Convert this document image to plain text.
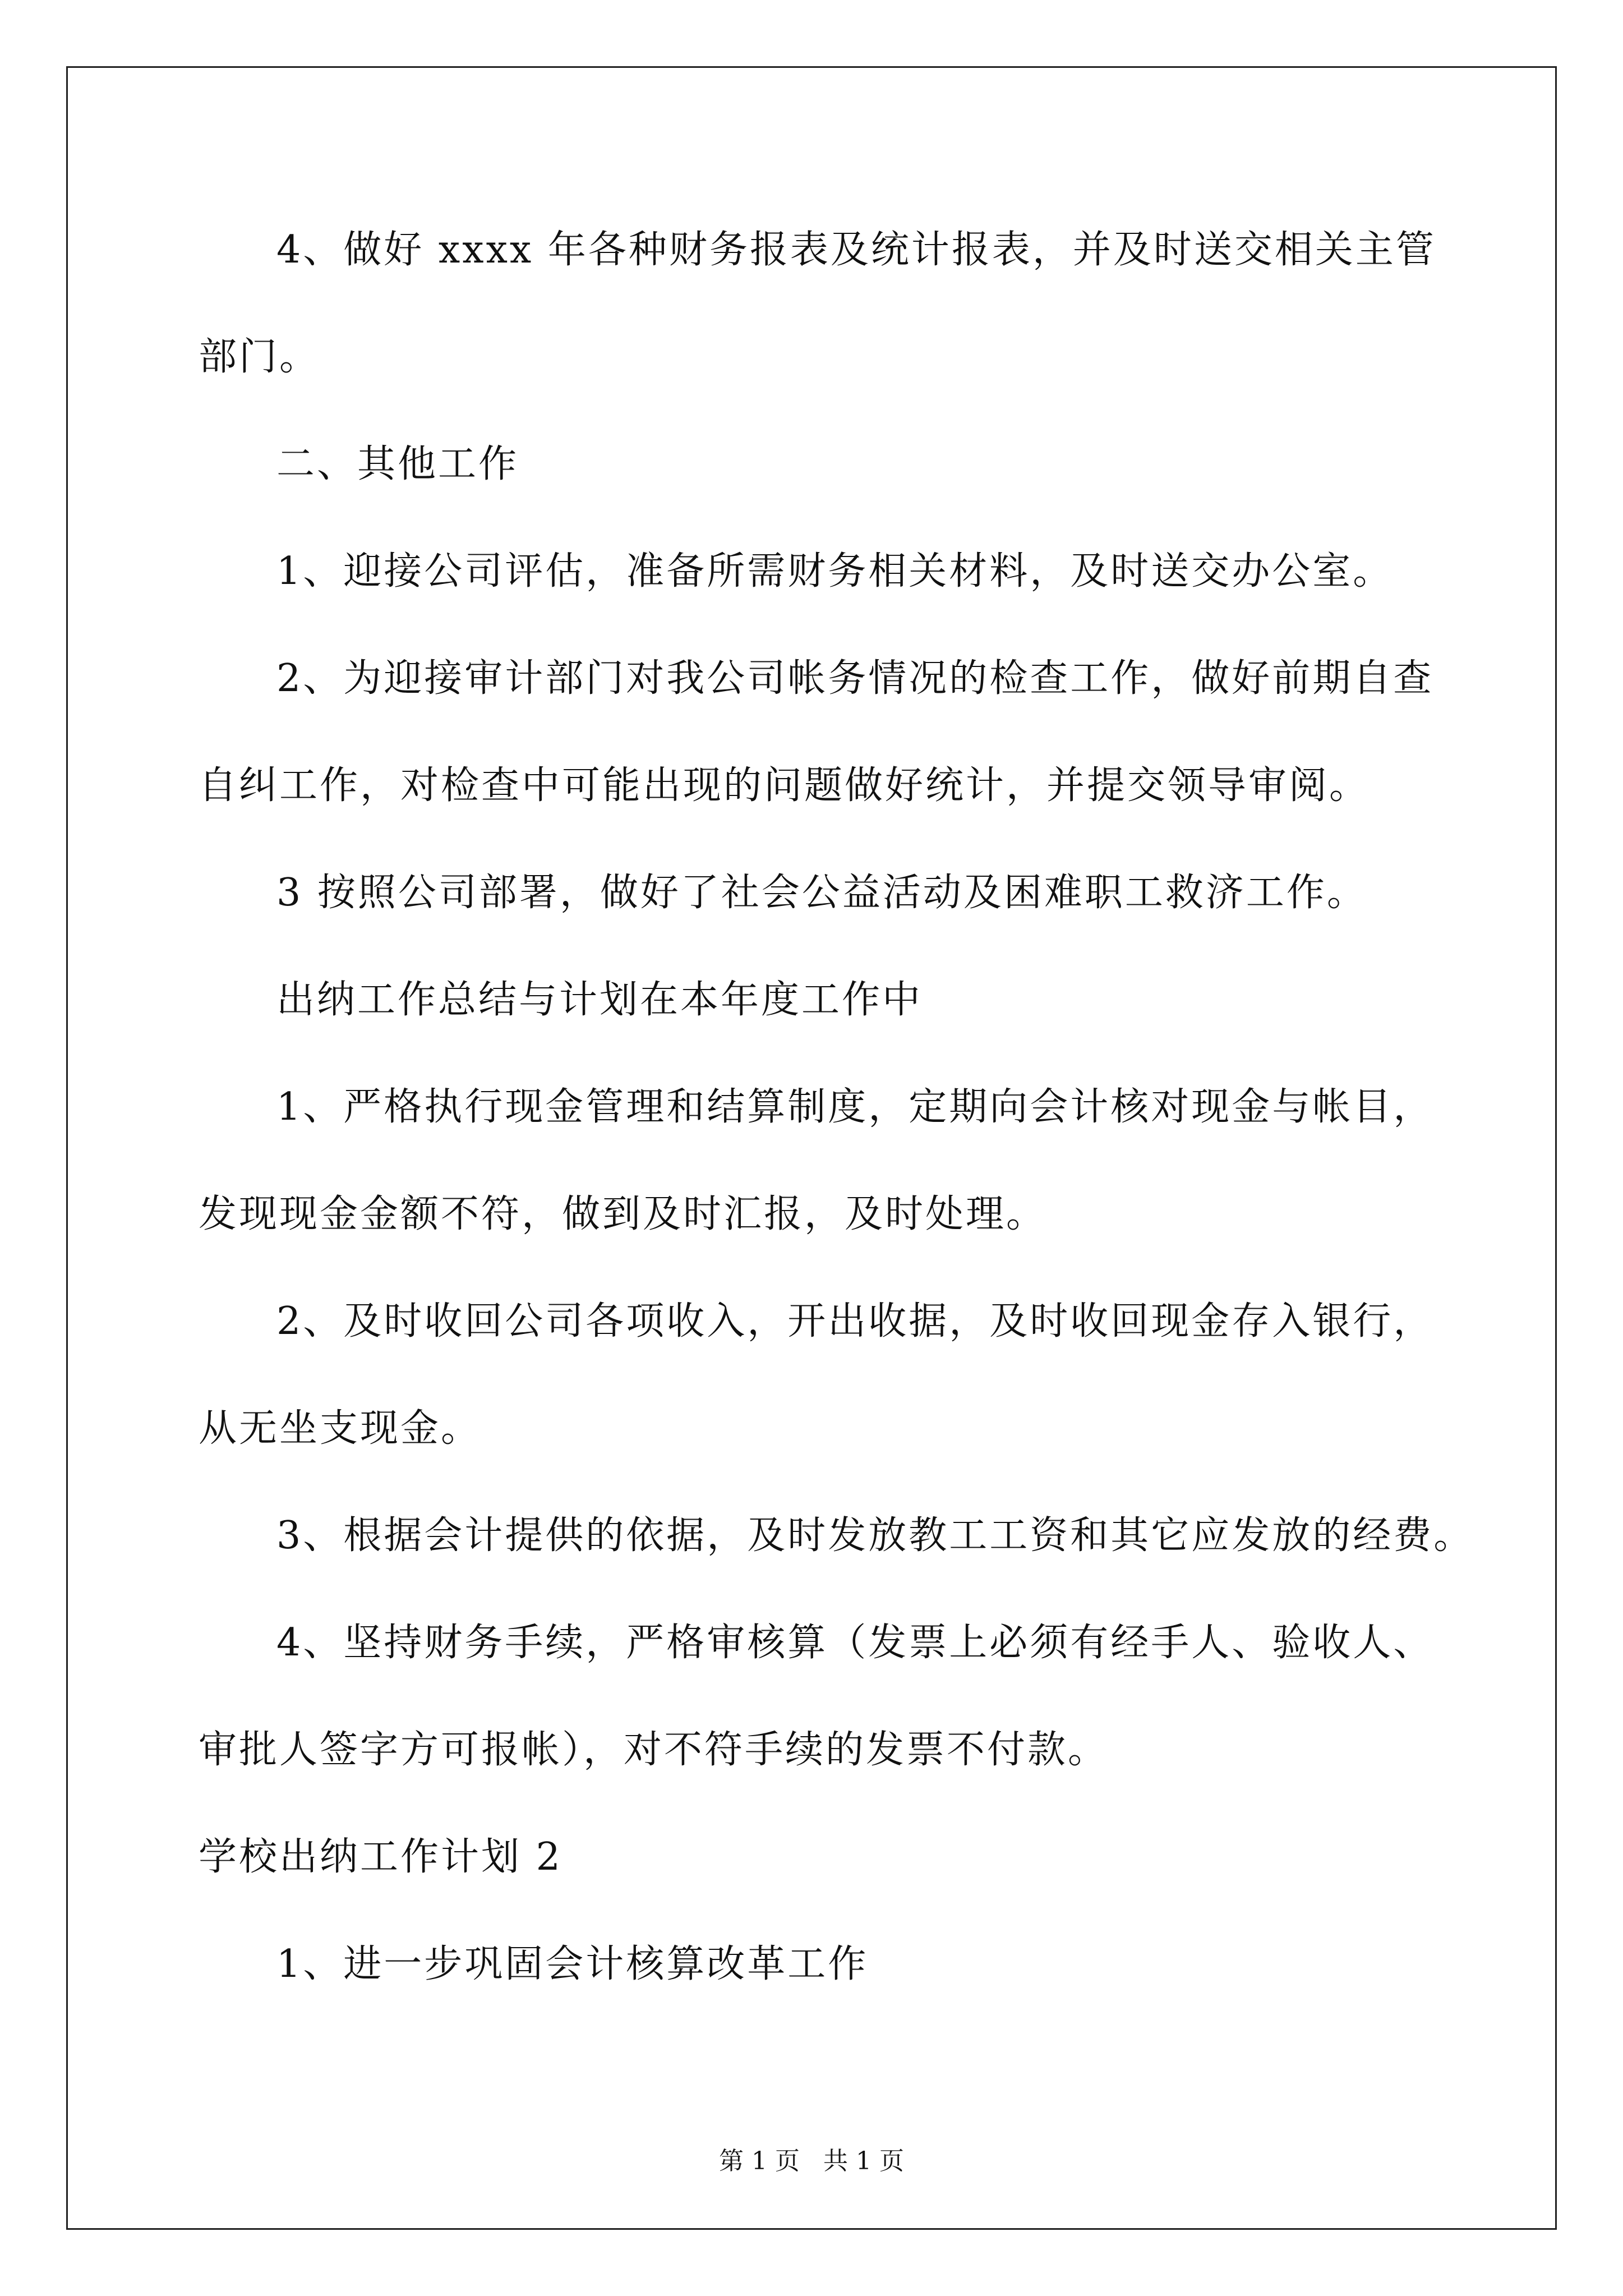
4、做好 xxxx 年各种财务报表及统计报表，并及时送交相关主管
部门。
二、其他工作
1、迎接公司评估，准备所需财务相关材料，及时送交办公室。
2、为迎接审计部门对我公司帐务情况的检查工作，做好前期自查
自纠工作，对检查中可能出现的问题做好统计，并提交领导审阅。
3 按照公司部署，做好了社会公益活动及困难职工救济工作。
出纳工作总结与计划在本年度工作中
1、严格执行现金管理和结算制度，定期向会计核对现金与帐目，
发现现金金额不符，做到及时汇报，及时处理。
2、及时收回公司各项收入，开出收据，及时收回现金存入银行，
从无坐支现金。
3、根据会计提供的依据，及时发放教工工资和其它应发放的经费。
4、坚持财务手续，严格审核算（发票上必须有经手人、验收人、
审批人签字方可报帐），对不符手续的发票不付款。
学校出纳工作计划 2
1、进一步巩固会计核算改革工作
第 1 页   共 1 页
